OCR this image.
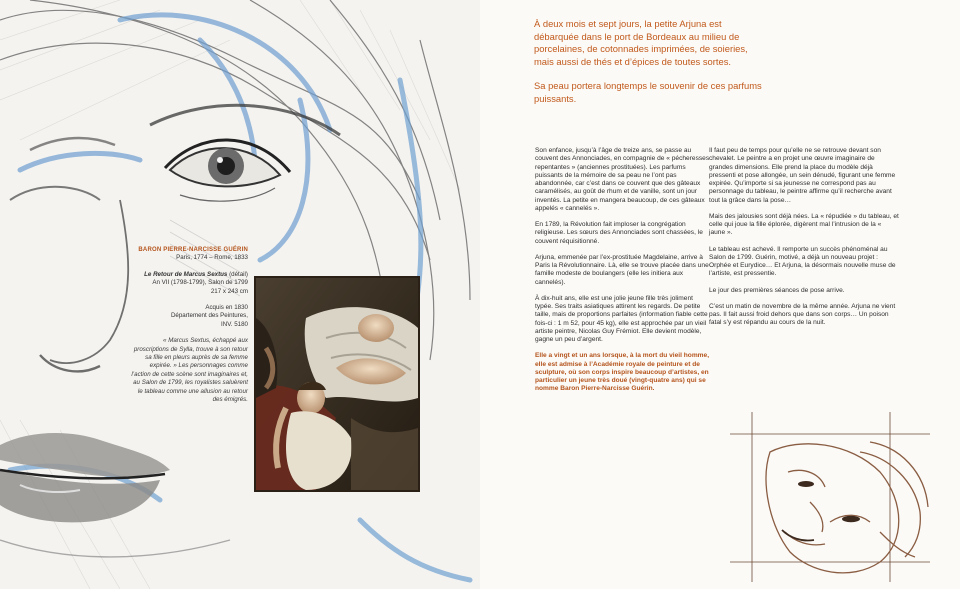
BARON PIERRE-NARCISSE GUÉRIN
Paris, 1774 – Rome, 1833
Le Retour de Marcus Sextus (détail)
An VII (1798-1799), Salon de 1799
217 x 243 cm
Acquis en 1830
Département des Peintures,
INV. 5180
« Marcus Sextus, échappé aux proscriptions de Sylla, trouve à son retour sa fille en pleurs auprès de sa femme expirée. » Les personnages comme l’action de cette scène sont imaginaires et, au Salon de 1799, les royalistes saluèrent le tableau comme une allusion au retour des émigrés.

À deux mois et sept jours, la petite Arjuna est débarquée dans le port de Bordeaux au milieu de porcelaines, de cotonnades imprimées, de soieries, mais aussi de thés et d’épices de toutes sortes.

Sa peau portera longtemps le souvenir de ces parfums puissants.

Son enfance, jusqu’à l’âge de treize ans, se passe au couvent des Annonciades, en compagnie de « pécheresses repentantes » (anciennes prostituées). Les parfums puissants de la mémoire de sa peau ne l’ont pas abandonnée, car c’est dans ce couvent que des gâteaux caramélisés, au goût de rhum et de vanille, sont un jour inventés. La petite en mangera beaucoup, de ces gâteaux appelés « cannelés ».

En 1789, la Révolution fait imploser la congrégation religieuse. Les sœurs des Annonciades sont chassées, le couvent réquisitionné.

Arjuna, emmenée par l’ex-prostituée Magdelaine, arrive à Paris la Révolutionnaire. Là, elle se trouve placée dans une famille modeste de boulangers (elle les initiera aux cannelés).

À dix-huit ans, elle est une jolie jeune fille très joliment typée. Ses traits asiatiques attirent les regards. De petite taille, mais de proportions parfaites (information fiable cette fois-ci : 1 m 52, pour 45 kg), elle est approchée par un vieil artiste peintre, Nicolas Guy Frémiot. Elle devient modèle, gagne un peu d’argent.

Elle a vingt et un ans lorsque, à la mort du vieil homme, elle est admise à l’Académie royale de peinture et de sculpture, où son corps inspire beaucoup d’artistes, en particulier un jeune très doué (vingt-quatre ans) qui se nomme Baron Pierre-Narcisse Guérin.

Il faut peu de temps pour qu’elle ne se retrouve devant son chevalet. Le peintre a en projet une œuvre imaginaire de grandes dimensions. Elle prend la place du modèle déjà pressenti et pose allongée, un sein dénudé, figurant une femme expirée. Qu’importe si sa jeunesse ne correspond pas au personnage du tableau, le peintre affirme qu’il recherche avant tout la grâce dans la pose…

Mais des jalousies sont déjà nées. La « répudiée » du tableau, et celle qui joue la fille éplorée, digèrent mal l’intrusion de la « jaune ».

Le tableau est achevé. Il remporte un succès phénoménal au Salon de 1799. Guérin, motivé, a déjà un nouveau projet : Orphée et Eurydice… Et Arjuna, la désormais nouvelle muse de l’artiste, est pressentie.

Le jour des premières séances de pose arrive.

C’est un matin de novembre de la même année. Arjuna ne vient pas. Il fait aussi froid dehors que dans son corps… Un poison fatal s’y est répandu au cours de la nuit.
